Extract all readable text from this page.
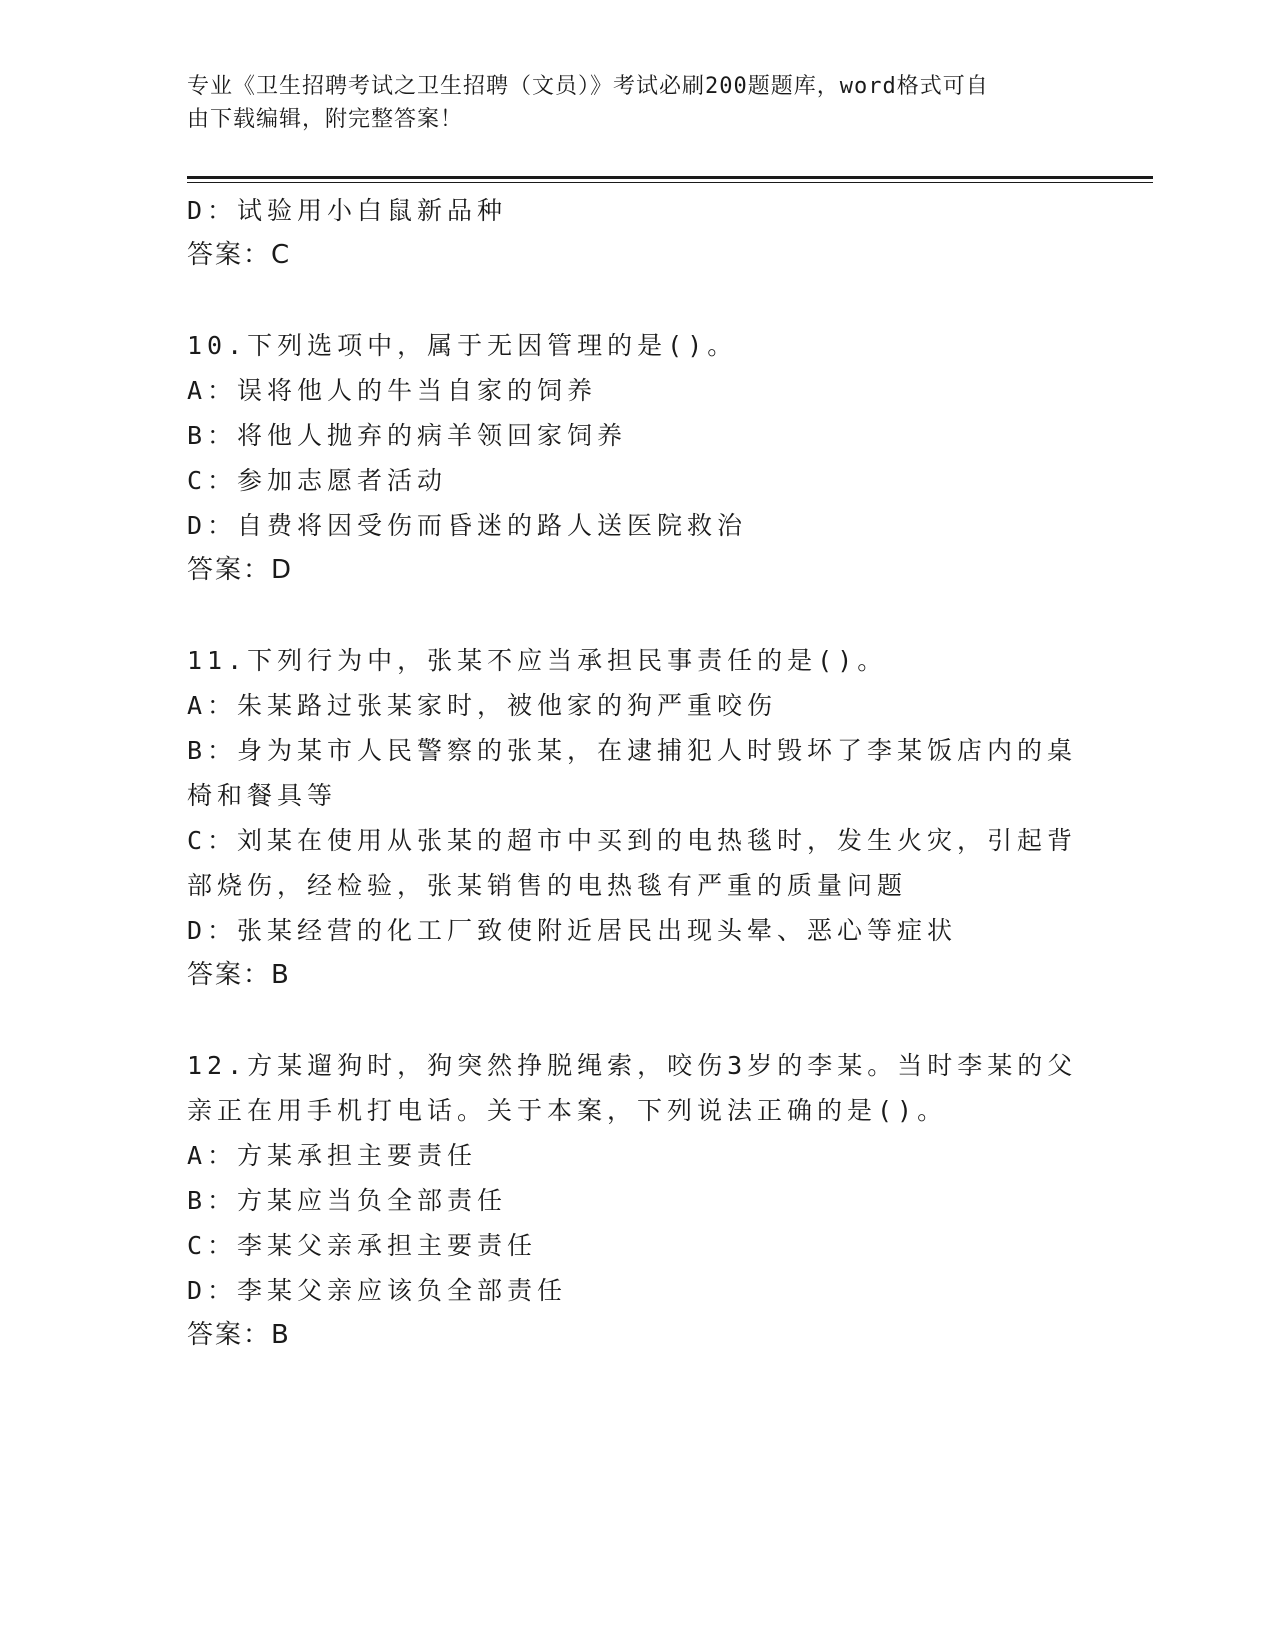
专业《卫生招聘考试之卫生招聘（文员）》考试必刷200题题库，word格式可自
由下载编辑，附完整答案！
D：试验用小白鼠新品种
答案：C
10.下列选项中，属于无因管理的是()。
A：误将他人的牛当自家的饲养
B：将他人抛弃的病羊领回家饲养
C：参加志愿者活动
D：自费将因受伤而昏迷的路人送医院救治
答案：D
11.下列行为中，张某不应当承担民事责任的是()。
A：朱某路过张某家时，被他家的狗严重咬伤
B：身为某市人民警察的张某，在逮捕犯人时毁坏了李某饭店内的桌椅和餐具等
C：刘某在使用从张某的超市中买到的电热毯时，发生火灾，引起背部烧伤，经检验，张某销售的电热毯有严重的质量问题
D：张某经营的化工厂致使附近居民出现头晕、恶心等症状
答案：B
12.方某遛狗时，狗突然挣脱绳索，咬伤3岁的李某。当时李某的父亲正在用手机打电话。关于本案，下列说法正确的是()。
A：方某承担主要责任
B：方某应当负全部责任
C：李某父亲承担主要责任
D：李某父亲应该负全部责任
答案：B
